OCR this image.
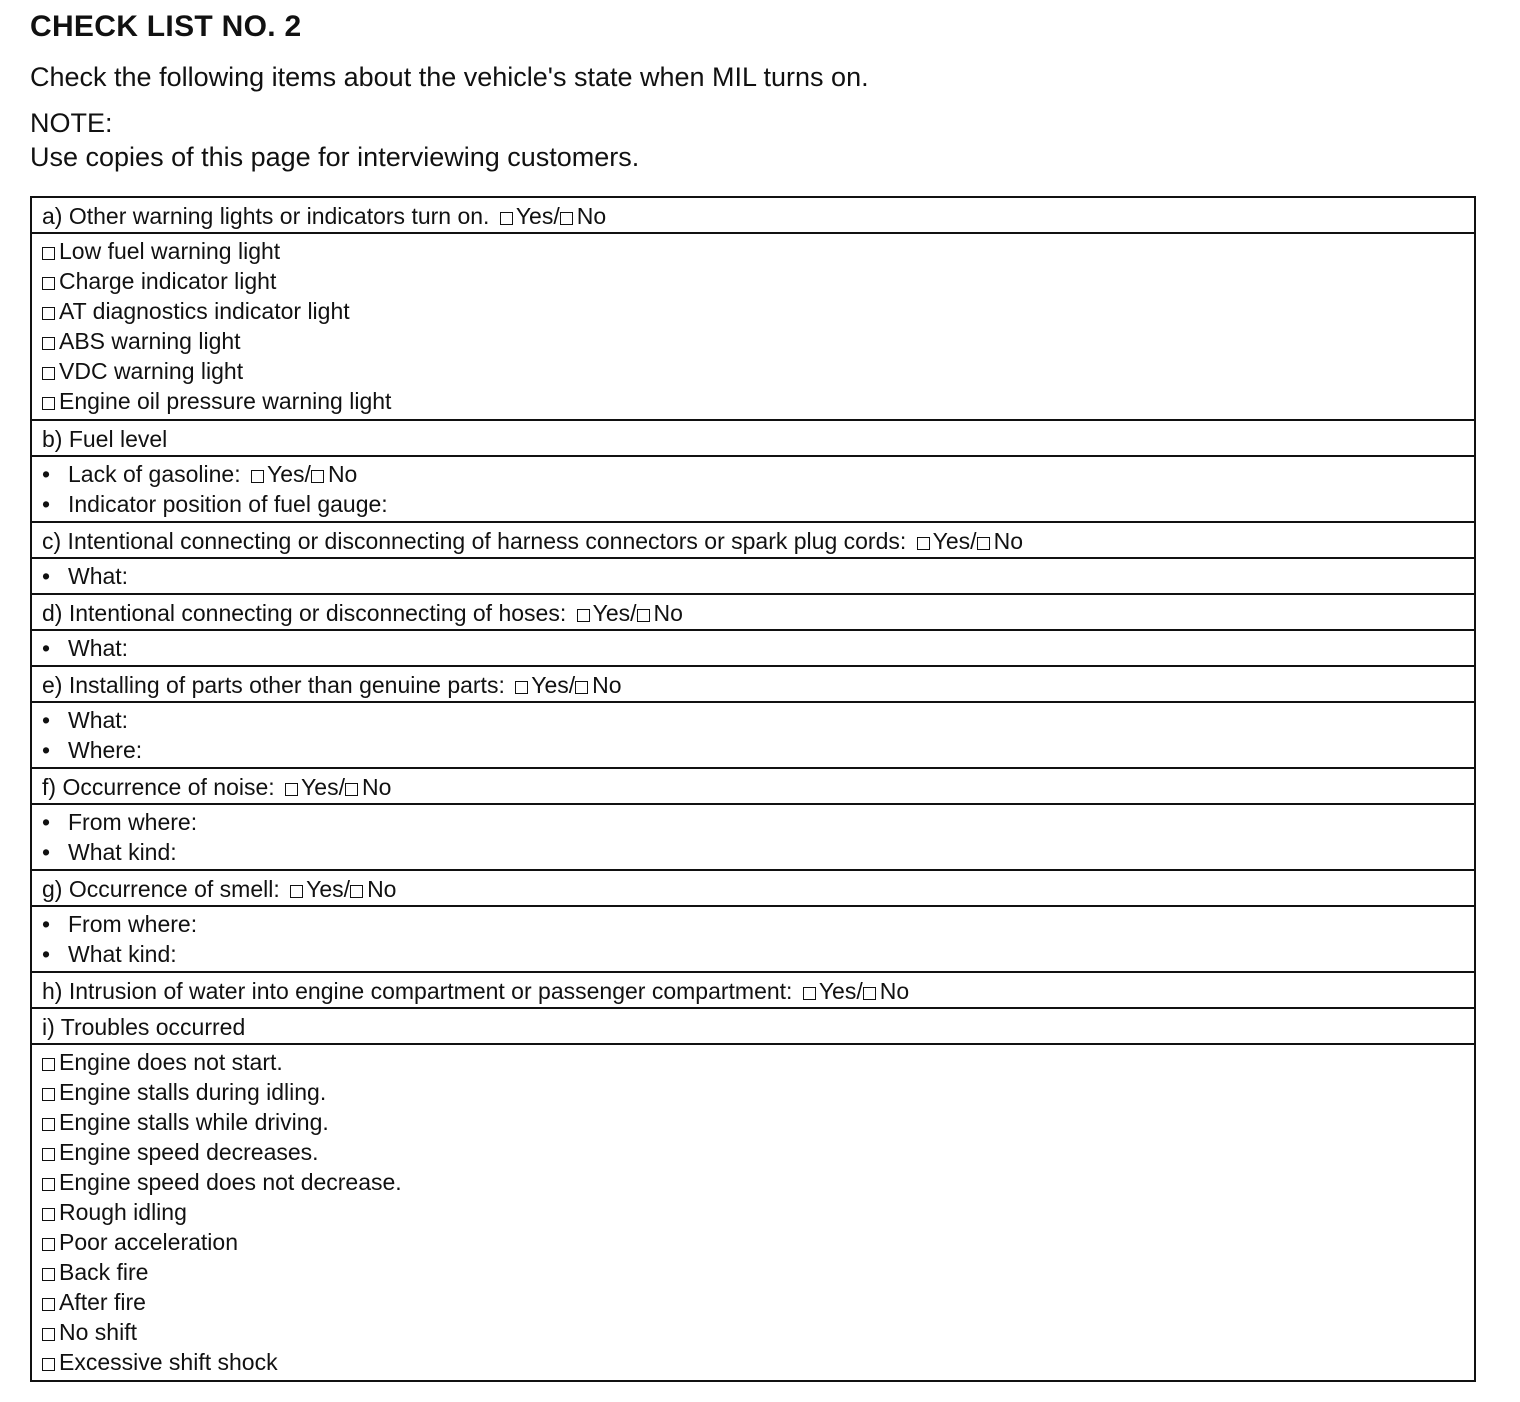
CHECK LIST NO. 2
Check the following items about the vehicle's state when MIL turns on.
NOTE:
Use copies of this page for interviewing customers.
a) Other warning lights or indicators turn on. Yes/ No
Low fuel warning light
Charge indicator light
AT diagnostics indicator light
ABS warning light
VDC warning light
Engine oil pressure warning light
b) Fuel level
• Lack of gasoline: Yes/ No
• Indicator position of fuel gauge:
c) Intentional connecting or disconnecting of harness connectors or spark plug cords: Yes/ No
• What:
d) Intentional connecting or disconnecting of hoses: Yes/ No
• What:
e) Installing of parts other than genuine parts: Yes/ No
• What:
• Where:
f) Occurrence of noise: Yes/ No
• From where:
• What kind:
g) Occurrence of smell: Yes/ No
• From where:
• What kind:
h) Intrusion of water into engine compartment or passenger compartment: Yes/ No
i) Troubles occurred
Engine does not start.
Engine stalls during idling.
Engine stalls while driving.
Engine speed decreases.
Engine speed does not decrease.
Rough idling
Poor acceleration
Back fire
After fire
No shift
Excessive shift shock
